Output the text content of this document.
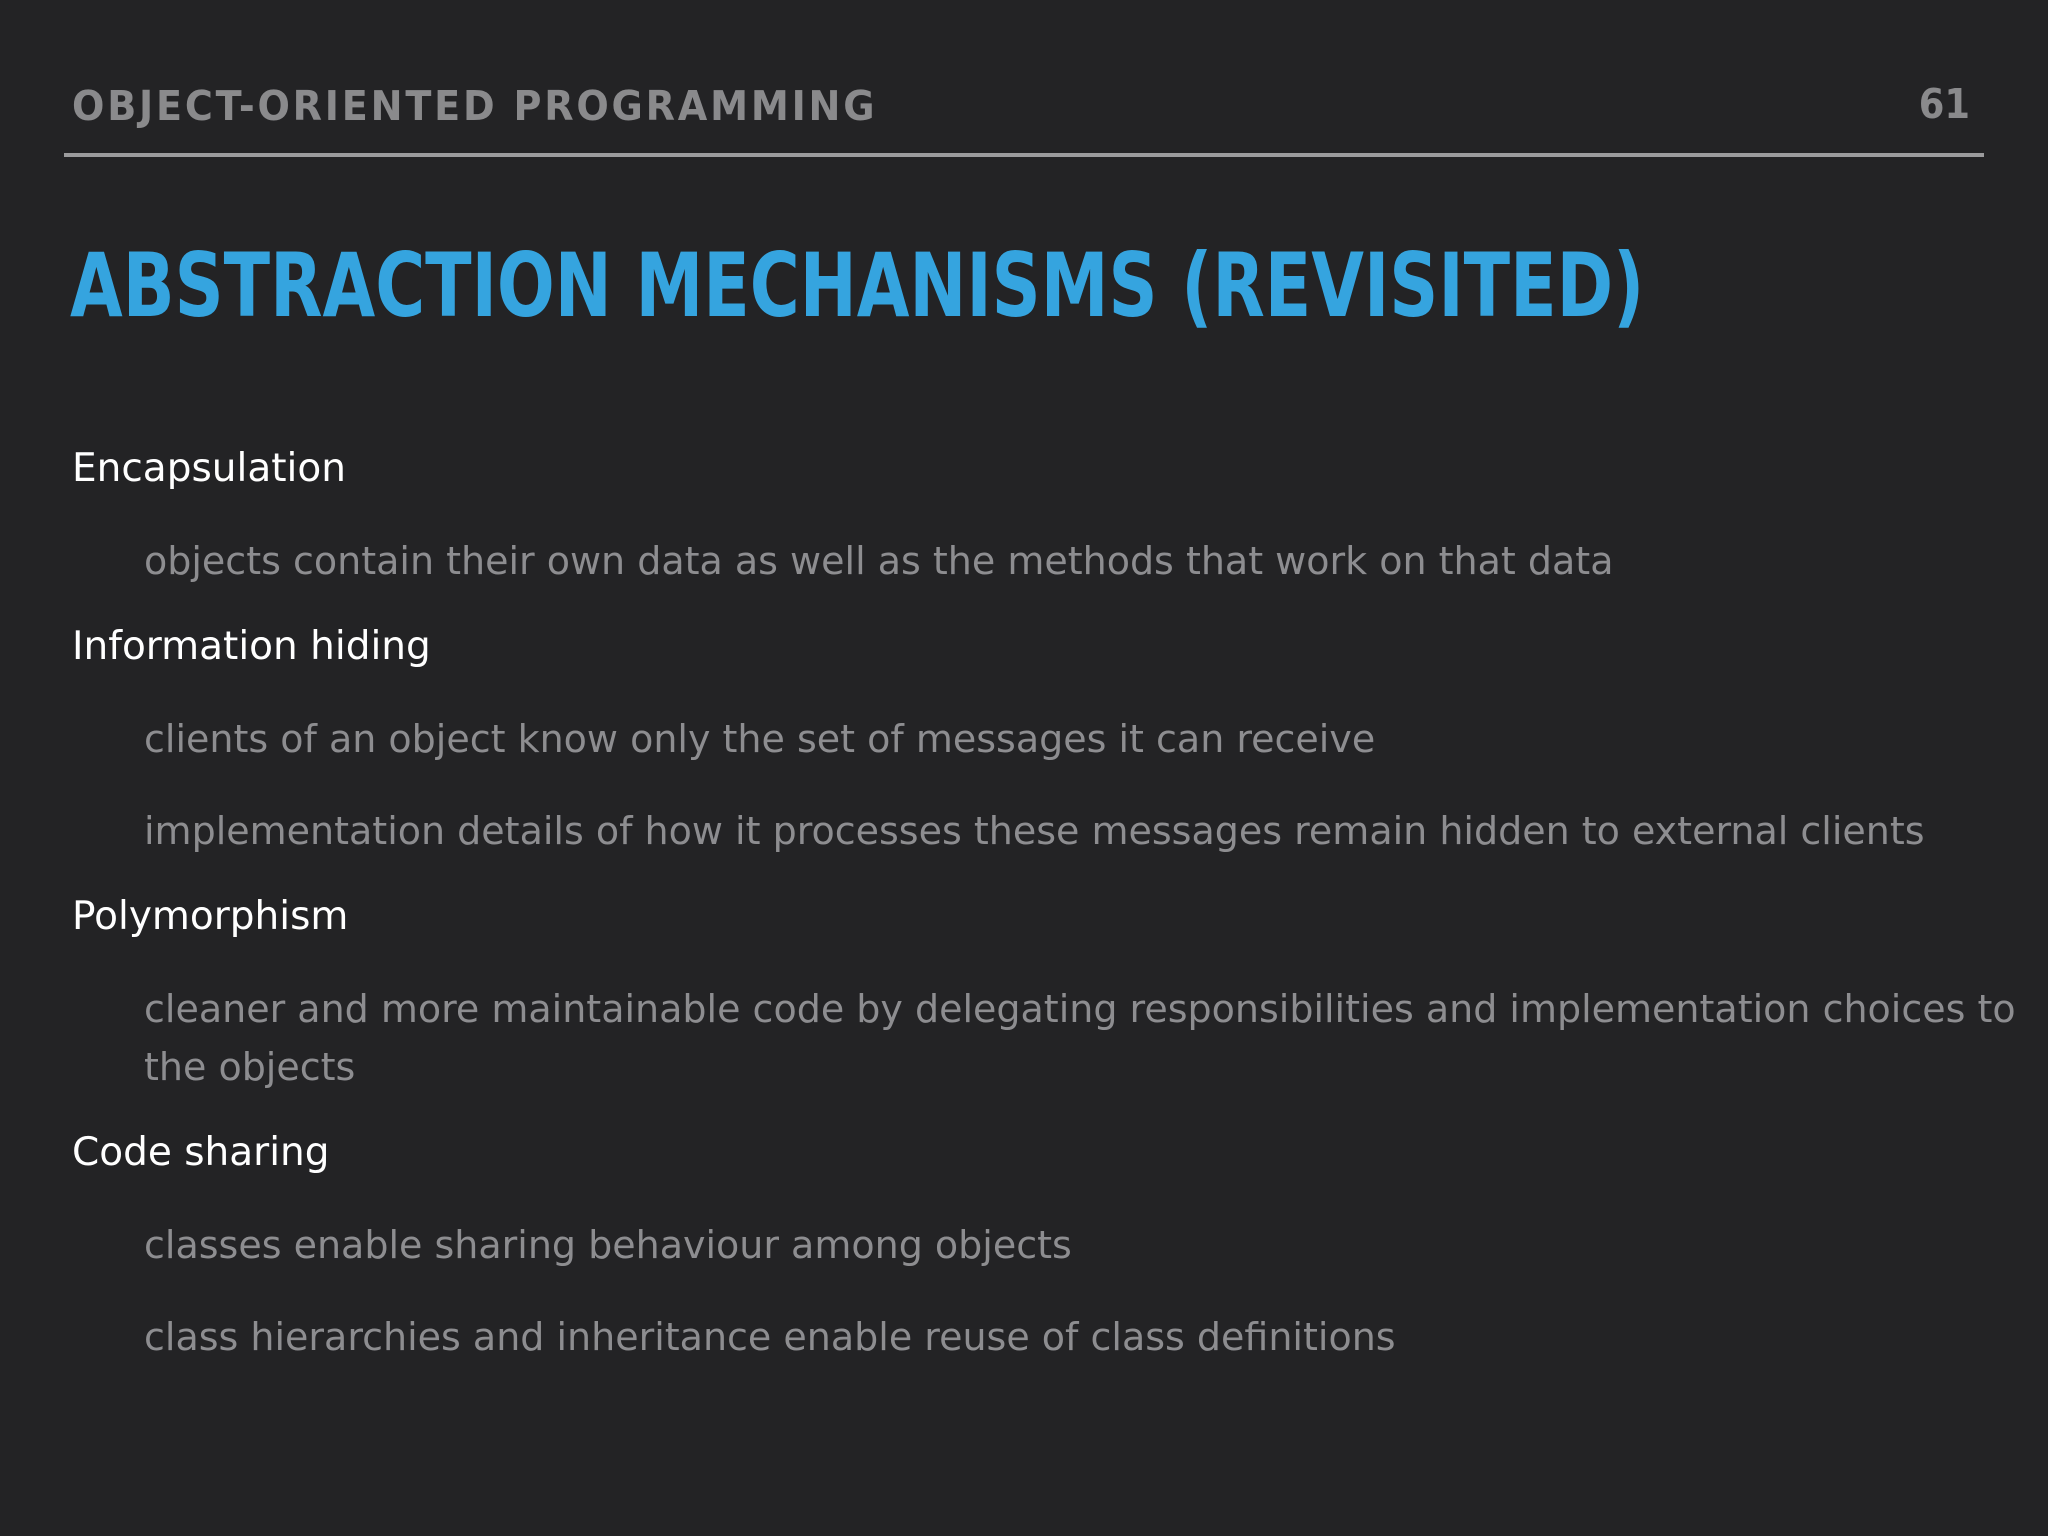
OBJECT-ORIENTED PROGRAMMING	61
ABSTRACTION MECHANISMS (REVISITED)
Encapsulation
objects contain their own data as well as the methods that work on that data
Information hiding
clients of an object know only the set of messages it can receive
implementation details of how it processes these messages remain hidden to external clients
Polymorphism
cleaner and more maintainable code by delegating responsibilities and implementation choices to the objects
Code sharing
classes enable sharing behaviour among objects
class hierarchies and inheritance enable reuse of class definitions
